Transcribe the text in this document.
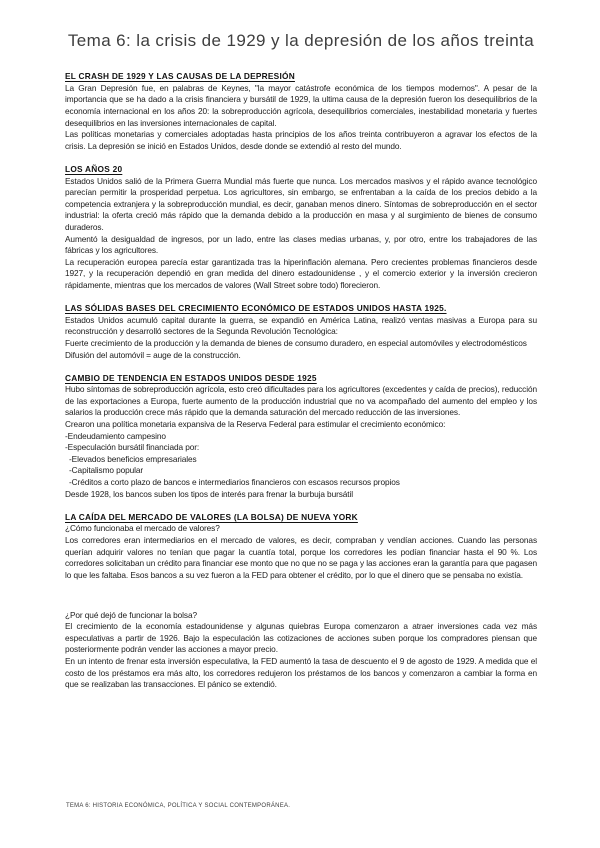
Tema 6: la crisis de 1929 y la depresión de los años treinta
EL CRASH DE 1929 Y LAS CAUSAS DE LA DEPRESIÓN

La Gran Depresión fue, en palabras de Keynes, "la mayor catástrofe económica de los tiempos modernos". A pesar de la importancia que se ha dado a la crisis financiera y bursátil de 1929, la ultima causa de la depresión fueron los desequilibrios de la economía internacional en los años 20: la sobreproducción agrícola, desequilibrios comerciales, inestabilidad monetaria y fuertes desequilibrios en las inversiones internacionales de capital.

Las políticas monetarias y comerciales adoptadas hasta principios de los años treinta contribuyeron a agravar los efectos de la crisis. La depresión se inició en Estados Unidos, desde donde se extendió al resto del mundo.

LOS AÑOS 20

Estados Unidos salió de la Primera Guerra Mundial más fuerte que nunca. Los mercados masivos y el rápido avance tecnológico parecían permitir la prosperidad perpetua. Los agricultores, sin embargo, se enfrentaban a la caída de los precios debido a la competencia extranjera y la sobreproducción mundial, es decir, ganaban menos dinero. Síntomas de sobreproducción en el sector industrial: la oferta creció más rápido que la demanda debido a la producción en masa y al surgimiento de bienes de consumo duraderos.

Aumentó la desigualdad de ingresos, por un lado, entre las clases medias urbanas, y, por otro, entre los trabajadores de las fábricas y los agricultores.

La recuperación europea parecía estar garantizada tras la hiperinflación alemana. Pero crecientes problemas financieros desde 1927, y la recuperación dependió en gran medida del dinero estadounidense , y el comercio exterior y la inversión crecieron rápidamente, mientras que los mercados de valores (Wall Street sobre todo) florecieron.

LAS SÓLIDAS BASES DEL CRECIMIENTO ECONÓMICO DE ESTADOS UNIDOS HASTA 1925.

Estados Unidos acumuló capital durante la guerra, se expandió en América Latina, realizó ventas masivas a Europa para su reconstrucción y desarrolló sectores de la Segunda Revolución Tecnológica:

Fuerte crecimiento de la producción y la demanda de bienes de consumo duradero, en especial automóviles y electrodomésticos

Difusión del automóvil = auge de la construcción.

CAMBIO DE TENDENCIA EN ESTADOS UNIDOS DESDE 1925

Hubo síntomas de sobreproducción agrícola, esto creó dificultades para los agricultores (excedentes y caída de precios), reducción de las exportaciones a Europa, fuerte aumento de la producción industrial que no va acompañado del aumento del empleo y los salarios la producción crece más rápido que la demanda saturación del mercado reducción de las inversiones.

Crearon una política monetaria expansiva de la Reserva Federal para estimular el crecimiento económico:

-Endeudamiento campesino

-Especulación bursátil financiada por:

-Elevados beneficios empresariales

-Capitalismo popular

-Créditos a corto plazo de bancos e intermediarios financieros con escasos recursos propios

Desde 1928, los bancos suben los tipos de interés para frenar la burbuja bursátil

LA CAÍDA DEL MERCADO DE VALORES (LA BOLSA) DE NUEVA YORK

¿Cómo funcionaba el mercado de valores?

Los corredores eran intermediarios en el mercado de valores, es decir, compraban y vendían acciones. Cuando las personas querían adquirir valores no tenían que pagar la cuantía total, porque los corredores les podían financiar hasta el 90 %. Los corredores solicitaban un crédito para financiar ese monto que no que no se paga y las acciones eran la garantía para que pagasen lo que les faltaba. Esos bancos a su vez fueron a la FED para obtener el crédito, por lo que el dinero que se pensaba no existía.

¿Por qué dejó de funcionar la bolsa?

El crecimiento de la economía estadounidense y algunas quiebras Europa comenzaron a atraer inversiones cada vez más especulativas a partir de 1926. Bajo la especulación las cotizaciones de acciones suben porque los compradores piensan que posteriormente podrán vender las acciones a mayor precio.

En un intento de frenar esta inversión especulativa, la FED aumentó la tasa de descuento el 9 de agosto de 1929. A medida que el costo de los préstamos era más alto, los corredores redujeron los préstamos de los bancos y comenzaron a cambiar la forma en que se realizaban las transacciones. El pánico se extendió.

TEMA 6: HISTORIA ECONÓMICA, POLÍTICA Y SOCIAL CONTEMPORÁNEA.
